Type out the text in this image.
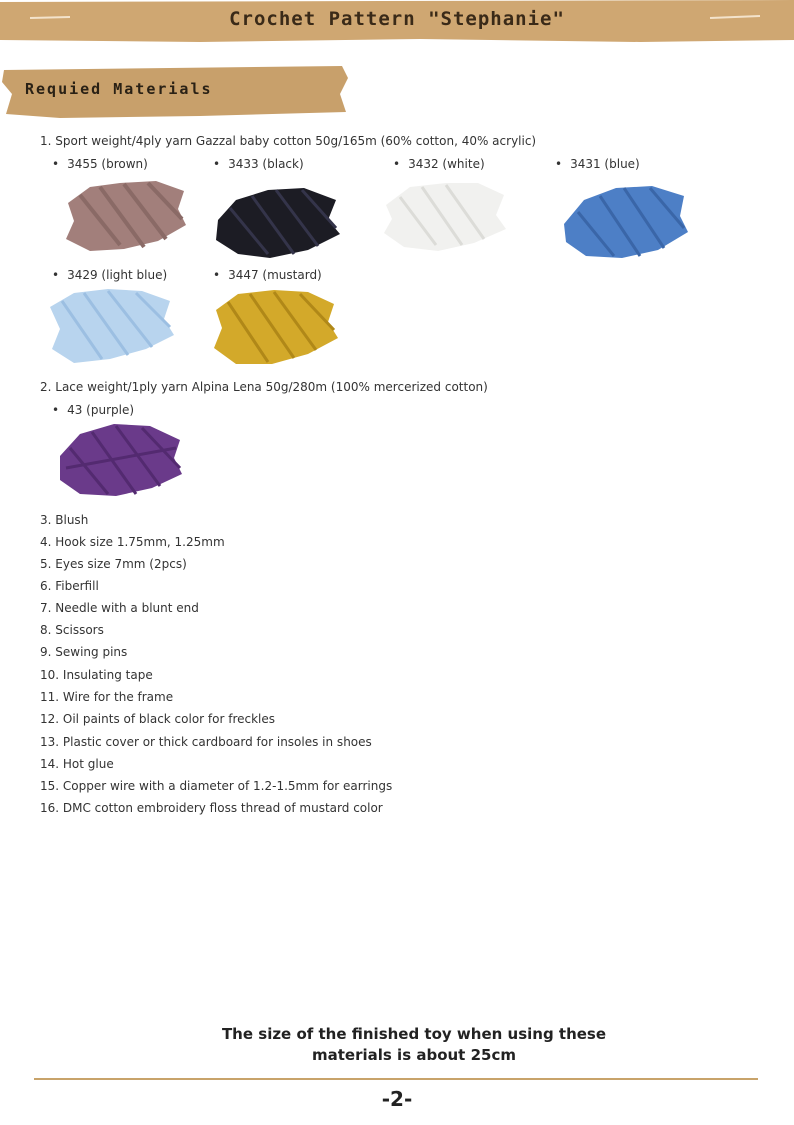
Crochet Pattern "Stephanie"
Requied Materials
1. Sport weight/4ply yarn Gazzal baby cotton 50g/165m (60% cotton, 40% acrylic)
• 3455 (brown)	• 3433 (black)	• 3432 (white)	• 3431 (blue)
• 3429 (light blue)	• 3447 (mustard)
2. Lace weight/1ply yarn Alpina Lena 50g/280m (100% mercerized cotton)
• 43 (purple)
3. Blush
4. Hook size 1.75mm, 1.25mm
5. Eyes size 7mm (2pcs)
6. Fiberfill
7. Needle with a blunt end
8. Scissors
9. Sewing pins
10. Insulating tape
11. Wire for the frame
12. Oil paints of black color for freckles
13. Plastic cover or thick cardboard for insoles in shoes
14. Hot glue
15. Copper wire with a diameter of 1.2-1.5mm for earrings
16. DMC cotton embroidery floss thread of mustard color
The size of the finished toy when using these
materials is about 25cm
-2-
